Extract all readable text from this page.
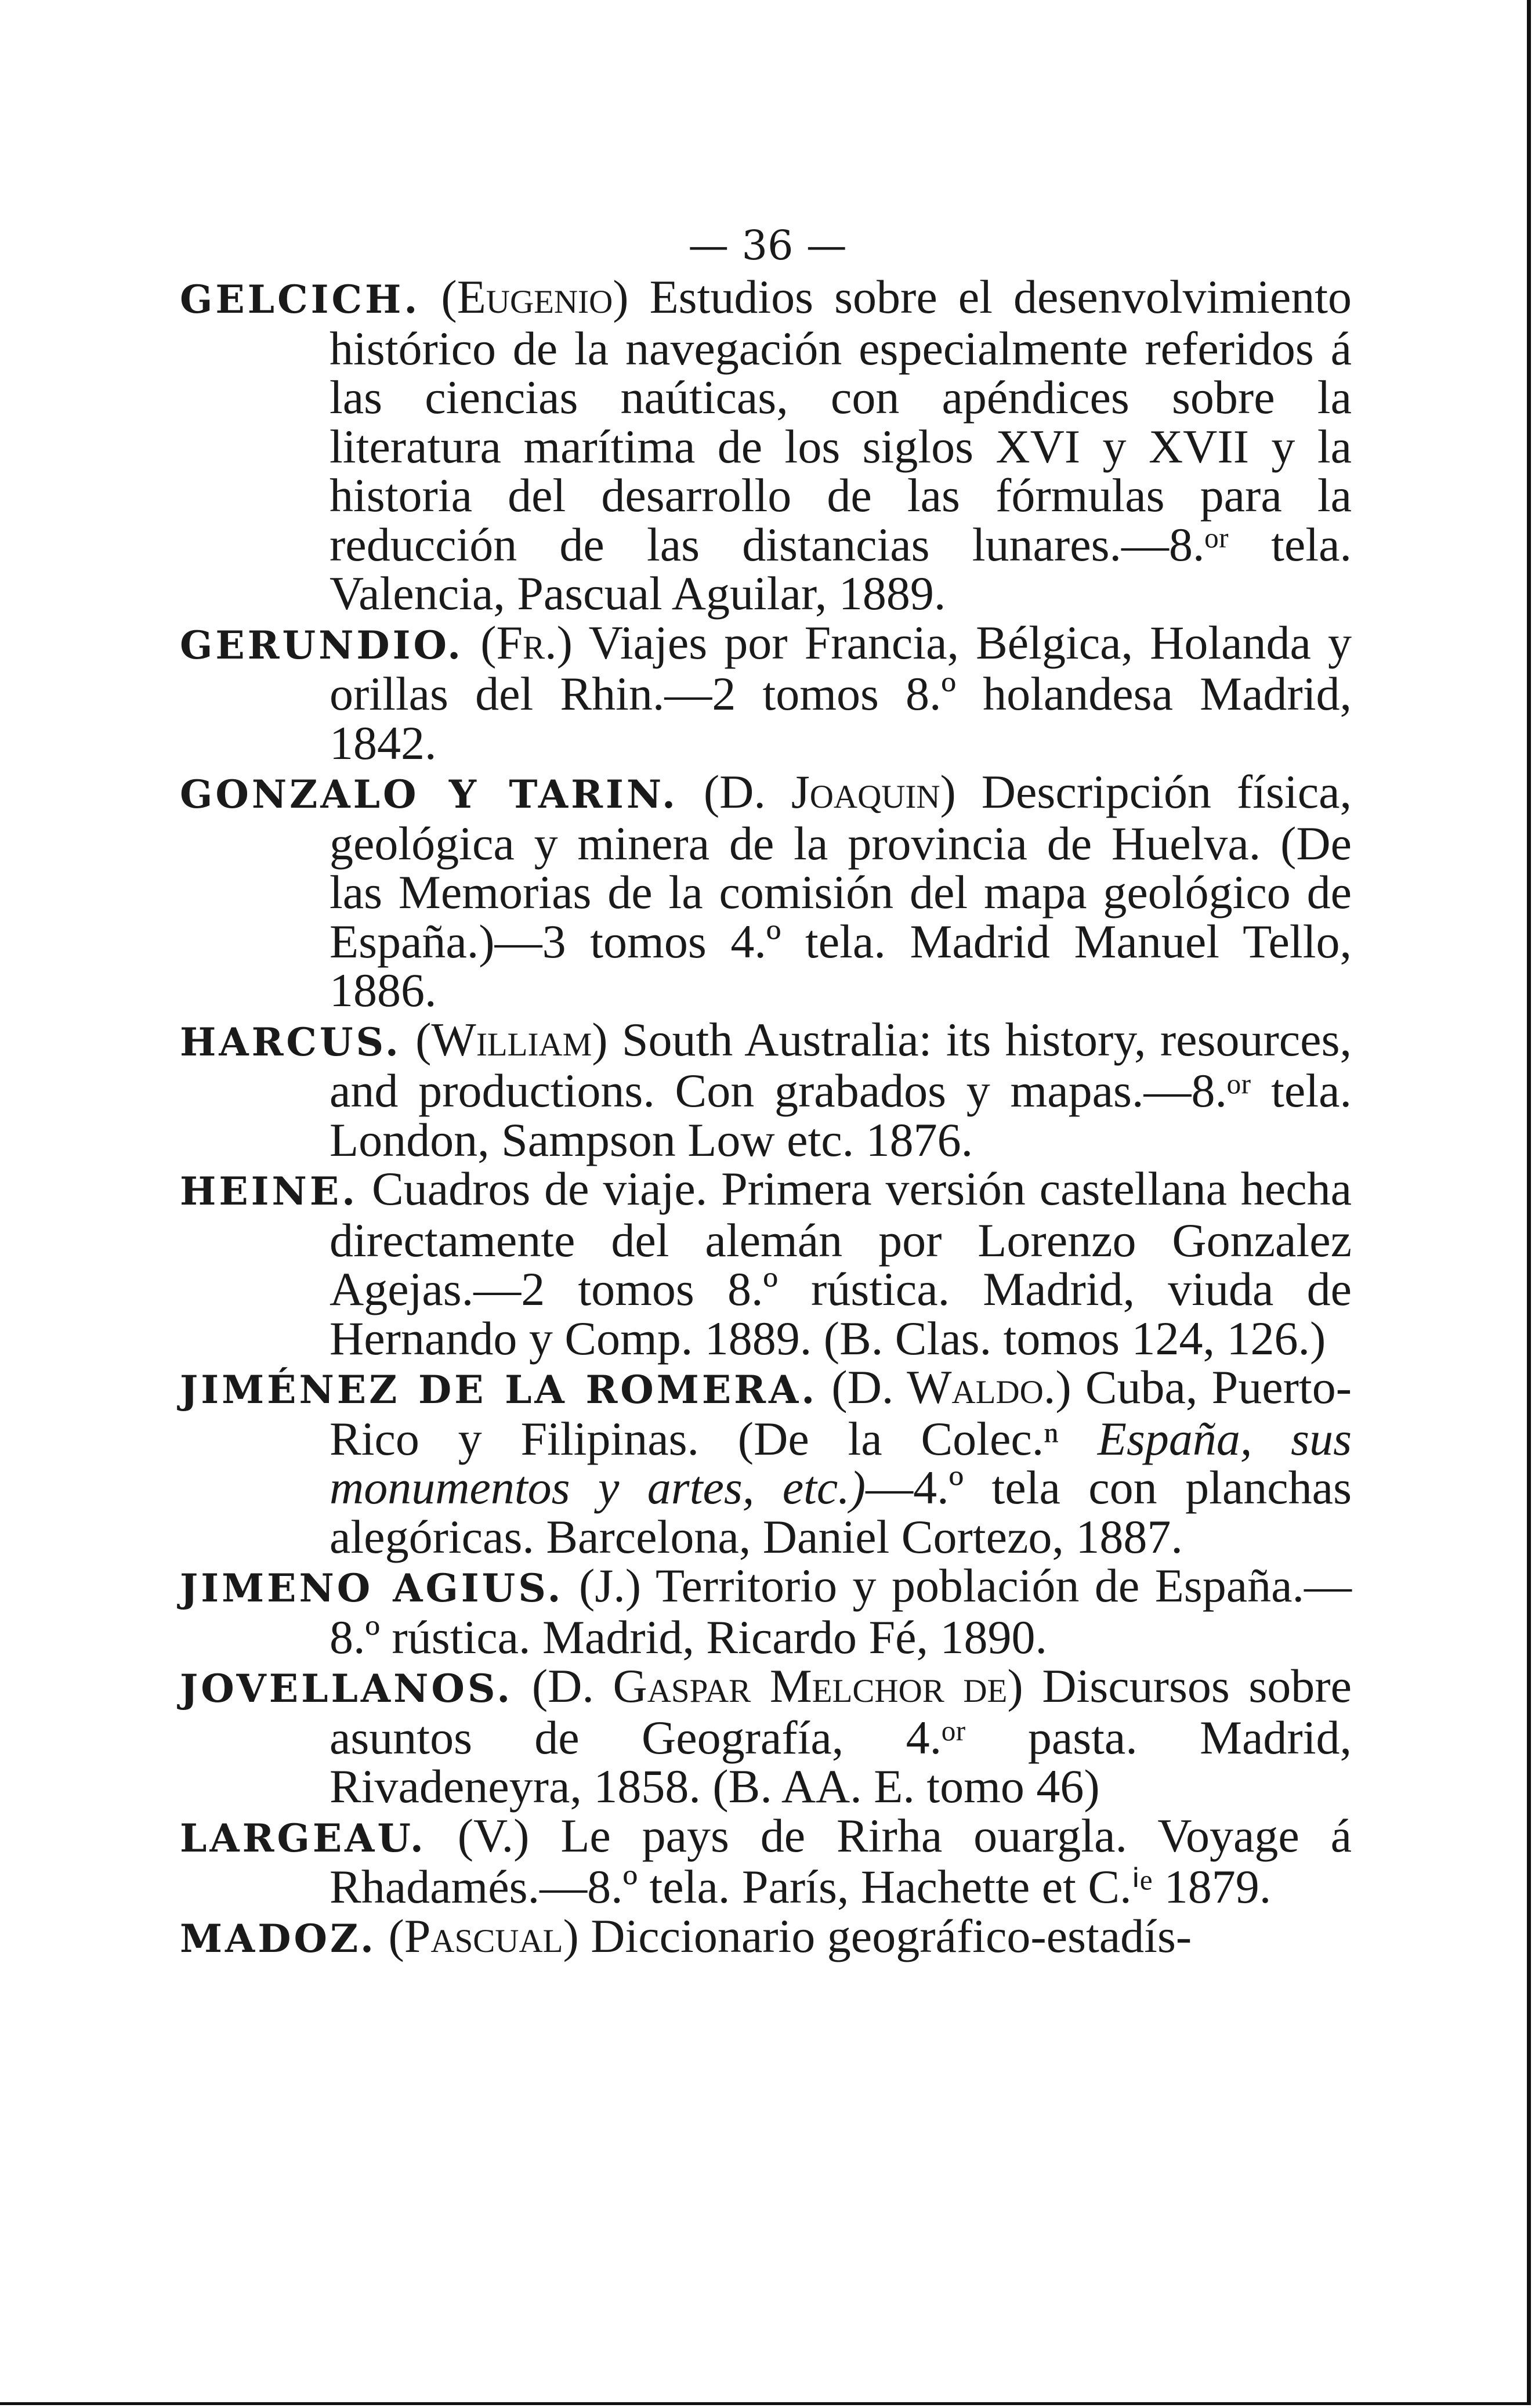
— 36 —

GELCICH. (Eugenio) Estudios sobre el desenvolvimiento histórico de la navegación especialmente referidos á las ciencias naúticas, con apéndices sobre la literatura marítima de los siglos XVI y XVII y la historia del desarrollo de las fórmulas para la reducción de las distancias lunares.—8.ᵒʳ tela. Valencia, Pascual Aguilar, 1889.

GERUNDIO. (Fr.) Viajes por Francia, Bélgica, Holanda y orillas del Rhin.—2 tomos 8.º holandesa Madrid, 1842.

GONZALO Y TARIN. (D. Joaquin) Descripción física, geológica y minera de la provincia de Huelva. (De las Memorias de la comisión del mapa geológico de España.)—3 tomos 4.º tela. Madrid Manuel Tello, 1886.

HARCUS. (William) South Australia: its history, resources, and productions. Con grabados y mapas.—8.ᵒʳ tela. London, Sampson Low etc. 1876.

HEINE. Cuadros de viaje. Primera versión castellana hecha directamente del alemán por Lorenzo Gonzalez Agejas.—2 tomos 8.º rústica. Madrid, viuda de Hernando y Comp. 1889. (B. Clas. tomos 124, 126.)

JIMÉNEZ DE LA ROMERA. (D. Waldo.) Cuba, Puerto-Rico y Filipinas. (De la Colec.ⁿ España, sus monumentos y artes, etc.)—4.º tela con planchas alegóricas. Barcelona, Daniel Cortezo, 1887.

JIMENO AGIUS. (J.) Territorio y población de España.—8.º rústica. Madrid, Ricardo Fé, 1890.

JOVELLANOS. (D. Gaspar Melchor de) Discursos sobre asuntos de Geografía, 4.ᵒʳ pasta. Madrid, Rivadeneyra, 1858. (B. AA. E. tomo 46)

LARGEAU. (V.) Le pays de Rirha ouargla. Voyage á Rhadamés.—8.º tela. París, Hachette et C.ⁱᵉ 1879.

MADOZ. (Pascual) Diccionario geográfico-estadís-
